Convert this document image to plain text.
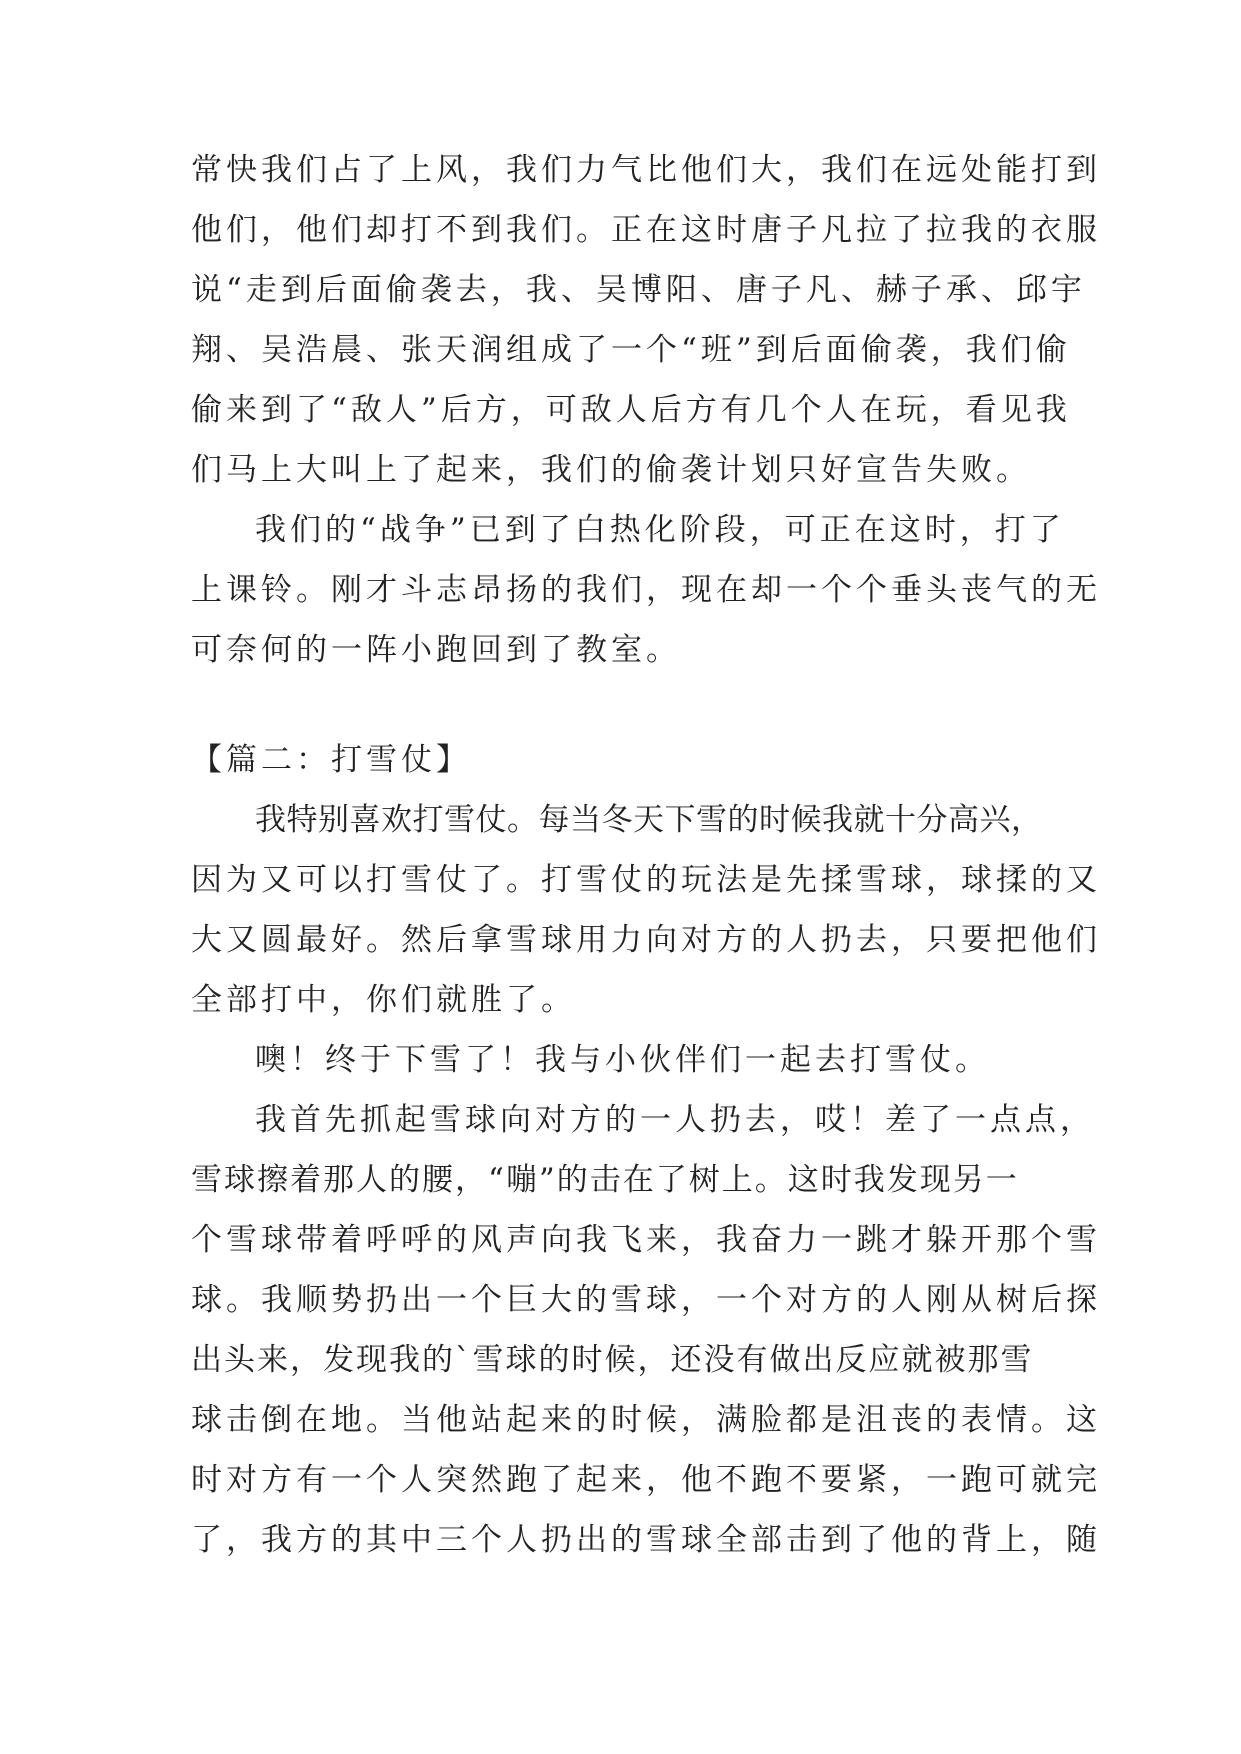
常快我们占了上风，我们力气比他们大，我们在远处能打到
他们，他们却打不到我们。正在这时唐子凡拉了拉我的衣服
说“走到后面偷袭去，我、吴博阳、唐子凡、赫子承、邱宇
翔、吴浩晨、张天润组成了一个“班”到后面偷袭，我们偷
偷来到了“敌人”后方，可敌人后方有几个人在玩，看见我
们马上大叫上了起来，我们的偷袭计划只好宣告失败。
我们的“战争”已到了白热化阶段，可正在这时，打了
上课铃。刚才斗志昂扬的我们，现在却一个个垂头丧气的无
可奈何的一阵小跑回到了教室。
【篇二：打雪仗】
我特别喜欢打雪仗。每当冬天下雪的时候我就十分高兴，
因为又可以打雪仗了。打雪仗的玩法是先揉雪球，球揉的又
大又圆最好。然后拿雪球用力向对方的人扔去，只要把他们
全部打中，你们就胜了。
噢！终于下雪了！我与小伙伴们一起去打雪仗。
我首先抓起雪球向对方的一人扔去，哎！差了一点点，
雪球擦着那人的腰，“嘣”的击在了树上。这时我发现另一
个雪球带着呼呼的风声向我飞来，我奋力一跳才躲开那个雪
球。我顺势扔出一个巨大的雪球，一个对方的人刚从树后探
出头来，发现我的`雪球的时候，还没有做出反应就被那雪
球击倒在地。当他站起来的时候，满脸都是沮丧的表情。这
时对方有一个人突然跑了起来，他不跑不要紧，一跑可就完
了，我方的其中三个人扔出的雪球全部击到了他的背上，随
